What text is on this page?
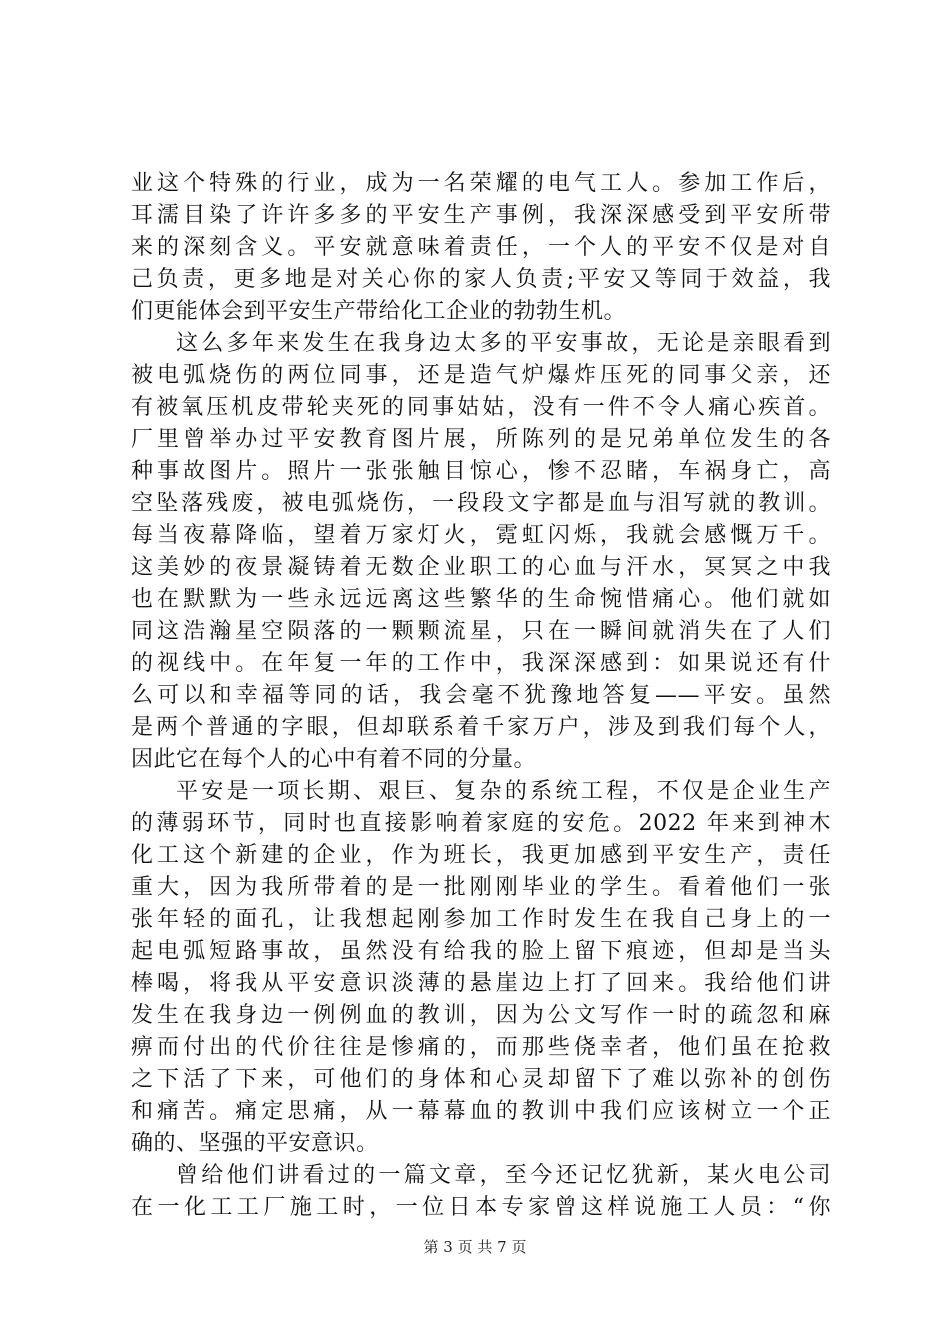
业这个特殊的行业，成为一名荣耀的电气工人。参加工作后，
耳濡目染了许许多多的平安生产事例，我深深感受到平安所带
来的深刻含义。平安就意味着责任，一个人的平安不仅是对自
己负责，更多地是对关心你的家人负责;平安又等同于效益，我
们更能体会到平安生产带给化工企业的勃勃生机。
这么多年来发生在我身边太多的平安事故，无论是亲眼看到
被电弧烧伤的两位同事，还是造气炉爆炸压死的同事父亲，还
有被氧压机皮带轮夹死的同事姑姑，没有一件不令人痛心疾首。
厂里曾举办过平安教育图片展，所陈列的是兄弟单位发生的各
种事故图片。照片一张张触目惊心，惨不忍睹，车祸身亡，高
空坠落残废，被电弧烧伤，一段段文字都是血与泪写就的教训。
每当夜幕降临，望着万家灯火，霓虹闪烁，我就会感慨万千。
这美妙的夜景凝铸着无数企业职工的心血与汗水，冥冥之中我
也在默默为一些永远远离这些繁华的生命惋惜痛心。他们就如
同这浩瀚星空陨落的一颗颗流星，只在一瞬间就消失在了人们
的视线中。在年复一年的工作中，我深深感到：如果说还有什
么可以和幸福等同的话，我会毫不犹豫地答复——平安。虽然
是两个普通的字眼，但却联系着千家万户，涉及到我们每个人，
因此它在每个人的心中有着不同的分量。
平安是一项长期、艰巨、复杂的系统工程，不仅是企业生产
的薄弱环节，同时也直接影响着家庭的安危。2022 年来到神木
化工这个新建的企业，作为班长，我更加感到平安生产，责任
重大，因为我所带着的是一批刚刚毕业的学生。看着他们一张
张年轻的面孔，让我想起刚参加工作时发生在我自己身上的一
起电弧短路事故，虽然没有给我的脸上留下痕迹，但却是当头
棒喝，将我从平安意识淡薄的悬崖边上打了回来。我给他们讲
发生在我身边一例例血的教训，因为公文写作一时的疏忽和麻
痹而付出的代价往往是惨痛的，而那些侥幸者，他们虽在抢救
之下活了下来，可他们的身体和心灵却留下了难以弥补的创伤
和痛苦。痛定思痛，从一幕幕血的教训中我们应该树立一个正
确的、坚强的平安意识。
曾给他们讲看过的一篇文章，至今还记忆犹新，某火电公司
在一化工工厂施工时，一位日本专家曾这样说施工人员：“你
第 3 页 共 7 页
